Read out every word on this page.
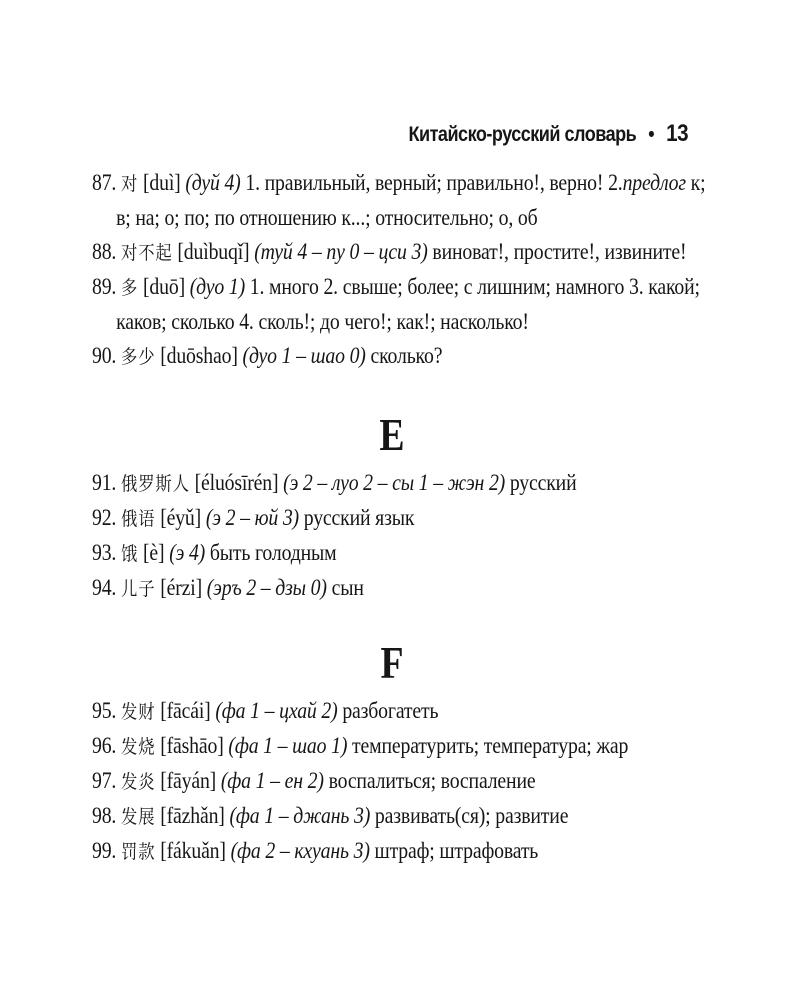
Китайско-русский словарь • 13
87. 对 [duì] (дуй 4) 1. правильный, верный; правильно!, верно! 2.предлог к; в; на; о; по; по отношению к...; относительно; о, об
88. 对不起 [duìbuqǐ] (туй 4 – пу 0 – цси 3) виноват!, простите!, извините!
89. 多 [duō] (дуо 1) 1. много 2. свыше; более; с лишним; намного 3. какой; каков; сколько 4. сколь!; до чего!; как!; насколько!
90. 多少 [duōshao] (дуо 1 – шао 0) сколько?
E
91. 俄罗斯人 [éluósīrén] (э 2 – луо 2 – сы 1 – жэн 2) русский
92. 俄语 [éyǔ] (э 2 – юй 3) русский язык
93. 饿 [è] (э 4) быть голодным
94. 儿子 [érzi] (эръ 2 – дзы 0) сын
F
95. 发财 [fācái] (фа 1 – цхай 2) разбогатеть
96. 发烧 [fāshāo] (фа 1 – шао 1) температурить; температура; жар
97. 发炎 [fāyán] (фа 1 – ен 2) воспалиться; воспаление
98. 发展 [fāzhǎn] (фа 1 – джань 3) развивать(ся); развитие
99. 罚款 [fákuǎn] (фа 2 – кхуань 3) штраф; штрафовать
